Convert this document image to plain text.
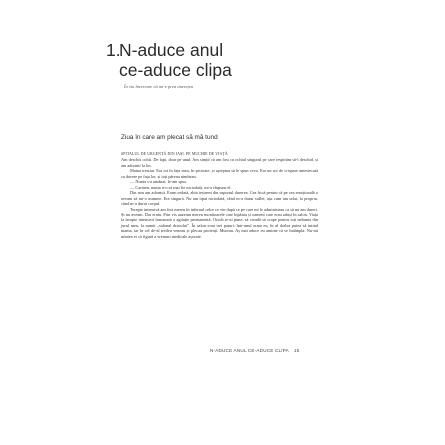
1.
N-aduce anul
ce-aduce clipa
În viu încercare că mi-e prea tinerețea
Ziua în care am plecat să mă tund

SPITALUL DE URGENȚĂ DIN IAȘI. PE MUCHIE DE VIAȚĂ
Am deschis ochii. De fapt, doar pe unul. Am simțit că am fost cu ochiul singurul pe care respirăm să-l deschid, și am adormit la loc.

Mama trestiar. Era tot în fața mea, în picioare, și așteptau să le spun ceva. Era un soi de crispare amestecată cu durere pe fața lor, și toți păreau nimbeau.

— Nunta s-a amânat, le-am spus.

— Carmen, nunta n-o să mai fie niciodată, mi-a răspuns el.

Din nou am adormit. Eram sedată, abia ieșisem din suportul durerea. Cea frică pentru că pe cea emoțională o aveam să mi-o asumez. Era singură. Nu am tipat niciodată, când m-a durut suflet, așa cum am urlat, la propriu, când m-a durut corpul.

Terapie intensivă am fost mereu în infernul celor ce vin după ce pe care mi le administrau ca să nu am dureri. Și nu aveam. Dar eram. Prin vis auzeam mereu monitoarele care bipăiau și oameni care erau aduși în salon. Viața la terapie intensivă înseamnă o agitație permanentă. Oricât te-ai pune, să creadă să scape pentru toți nebunia din jurul meu, la numit „salonul dracului”. În salon erau trei paturi: într-unul eram eu, în al doilea putea să intind mama, iar în cel de-al treilea veneau și plecau pacienți. Mureau. Aș mai aduce eu aminte că se întâmpla. Nu-mi mintea ei că figură a vremuri medicale așezate.

N-ADUCE ANUL CE-ADUCE CLIPA 15
